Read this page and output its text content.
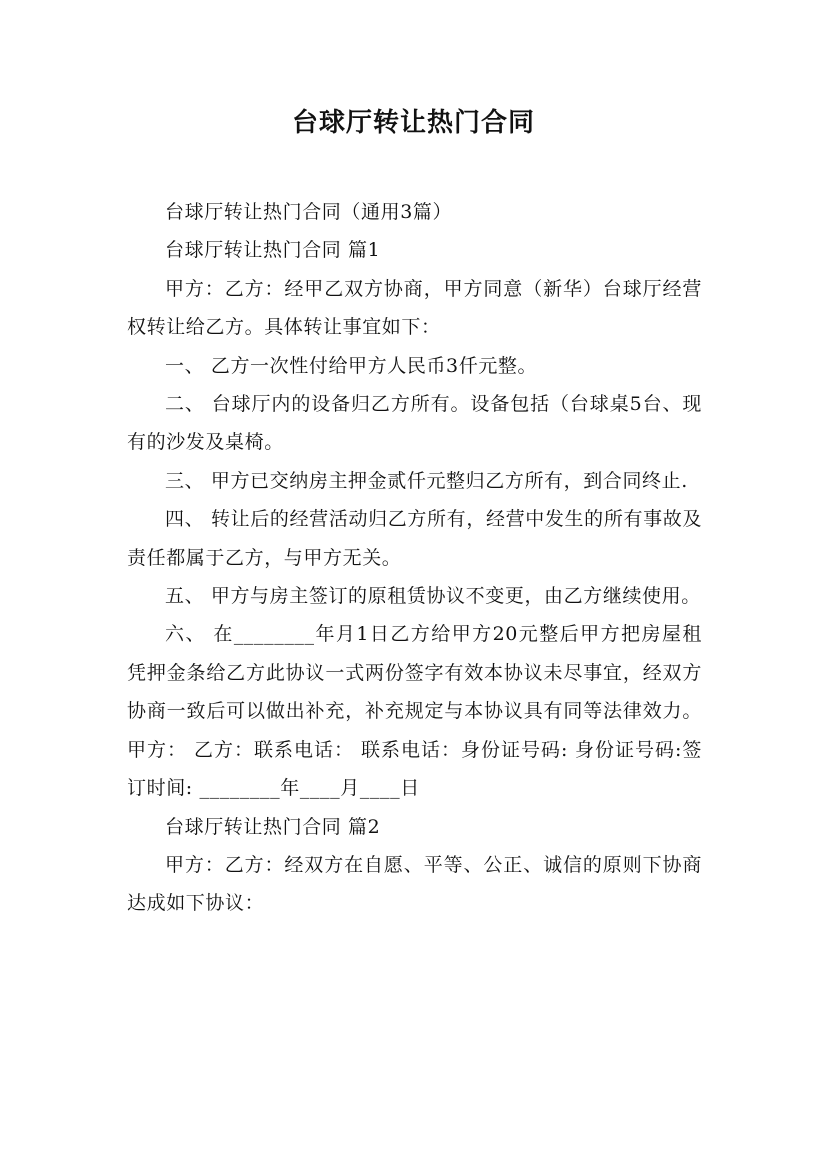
台球厅转让热门合同

台球厅转让热门合同（通用3篇）

台球厅转让热门合同 篇1

甲方：乙方：经甲乙双方协商，甲方同意（新华）台球厅经营权转让给乙方。具体转让事宜如下：

一、 乙方一次性付给甲方人民币3仟元整。

二、 台球厅内的设备归乙方所有。设备包括（台球桌5台、现有的沙发及桌椅。

三、 甲方已交纳房主押金贰仟元整归乙方所有，到合同终止.

四、 转让后的经营活动归乙方所有，经营中发生的所有事故及责任都属于乙方，与甲方无关。

五、 甲方与房主签订的原租赁协议不变更，由乙方继续使用。

六、 在________年月1日乙方给甲方20元整后甲方把房屋租凭押金条给乙方此协议一式两份签字有效本协议未尽事宜，经双方协商一致后可以做出补充，补充规定与本协议具有同等法律效力。甲方： 乙方：联系电话： 联系电话：身份证号码: 身份证号码:签订时间: ________年____月____日

台球厅转让热门合同 篇2

甲方：乙方：经双方在自愿、平等、公正、诚信的原则下协商达成如下协议：
